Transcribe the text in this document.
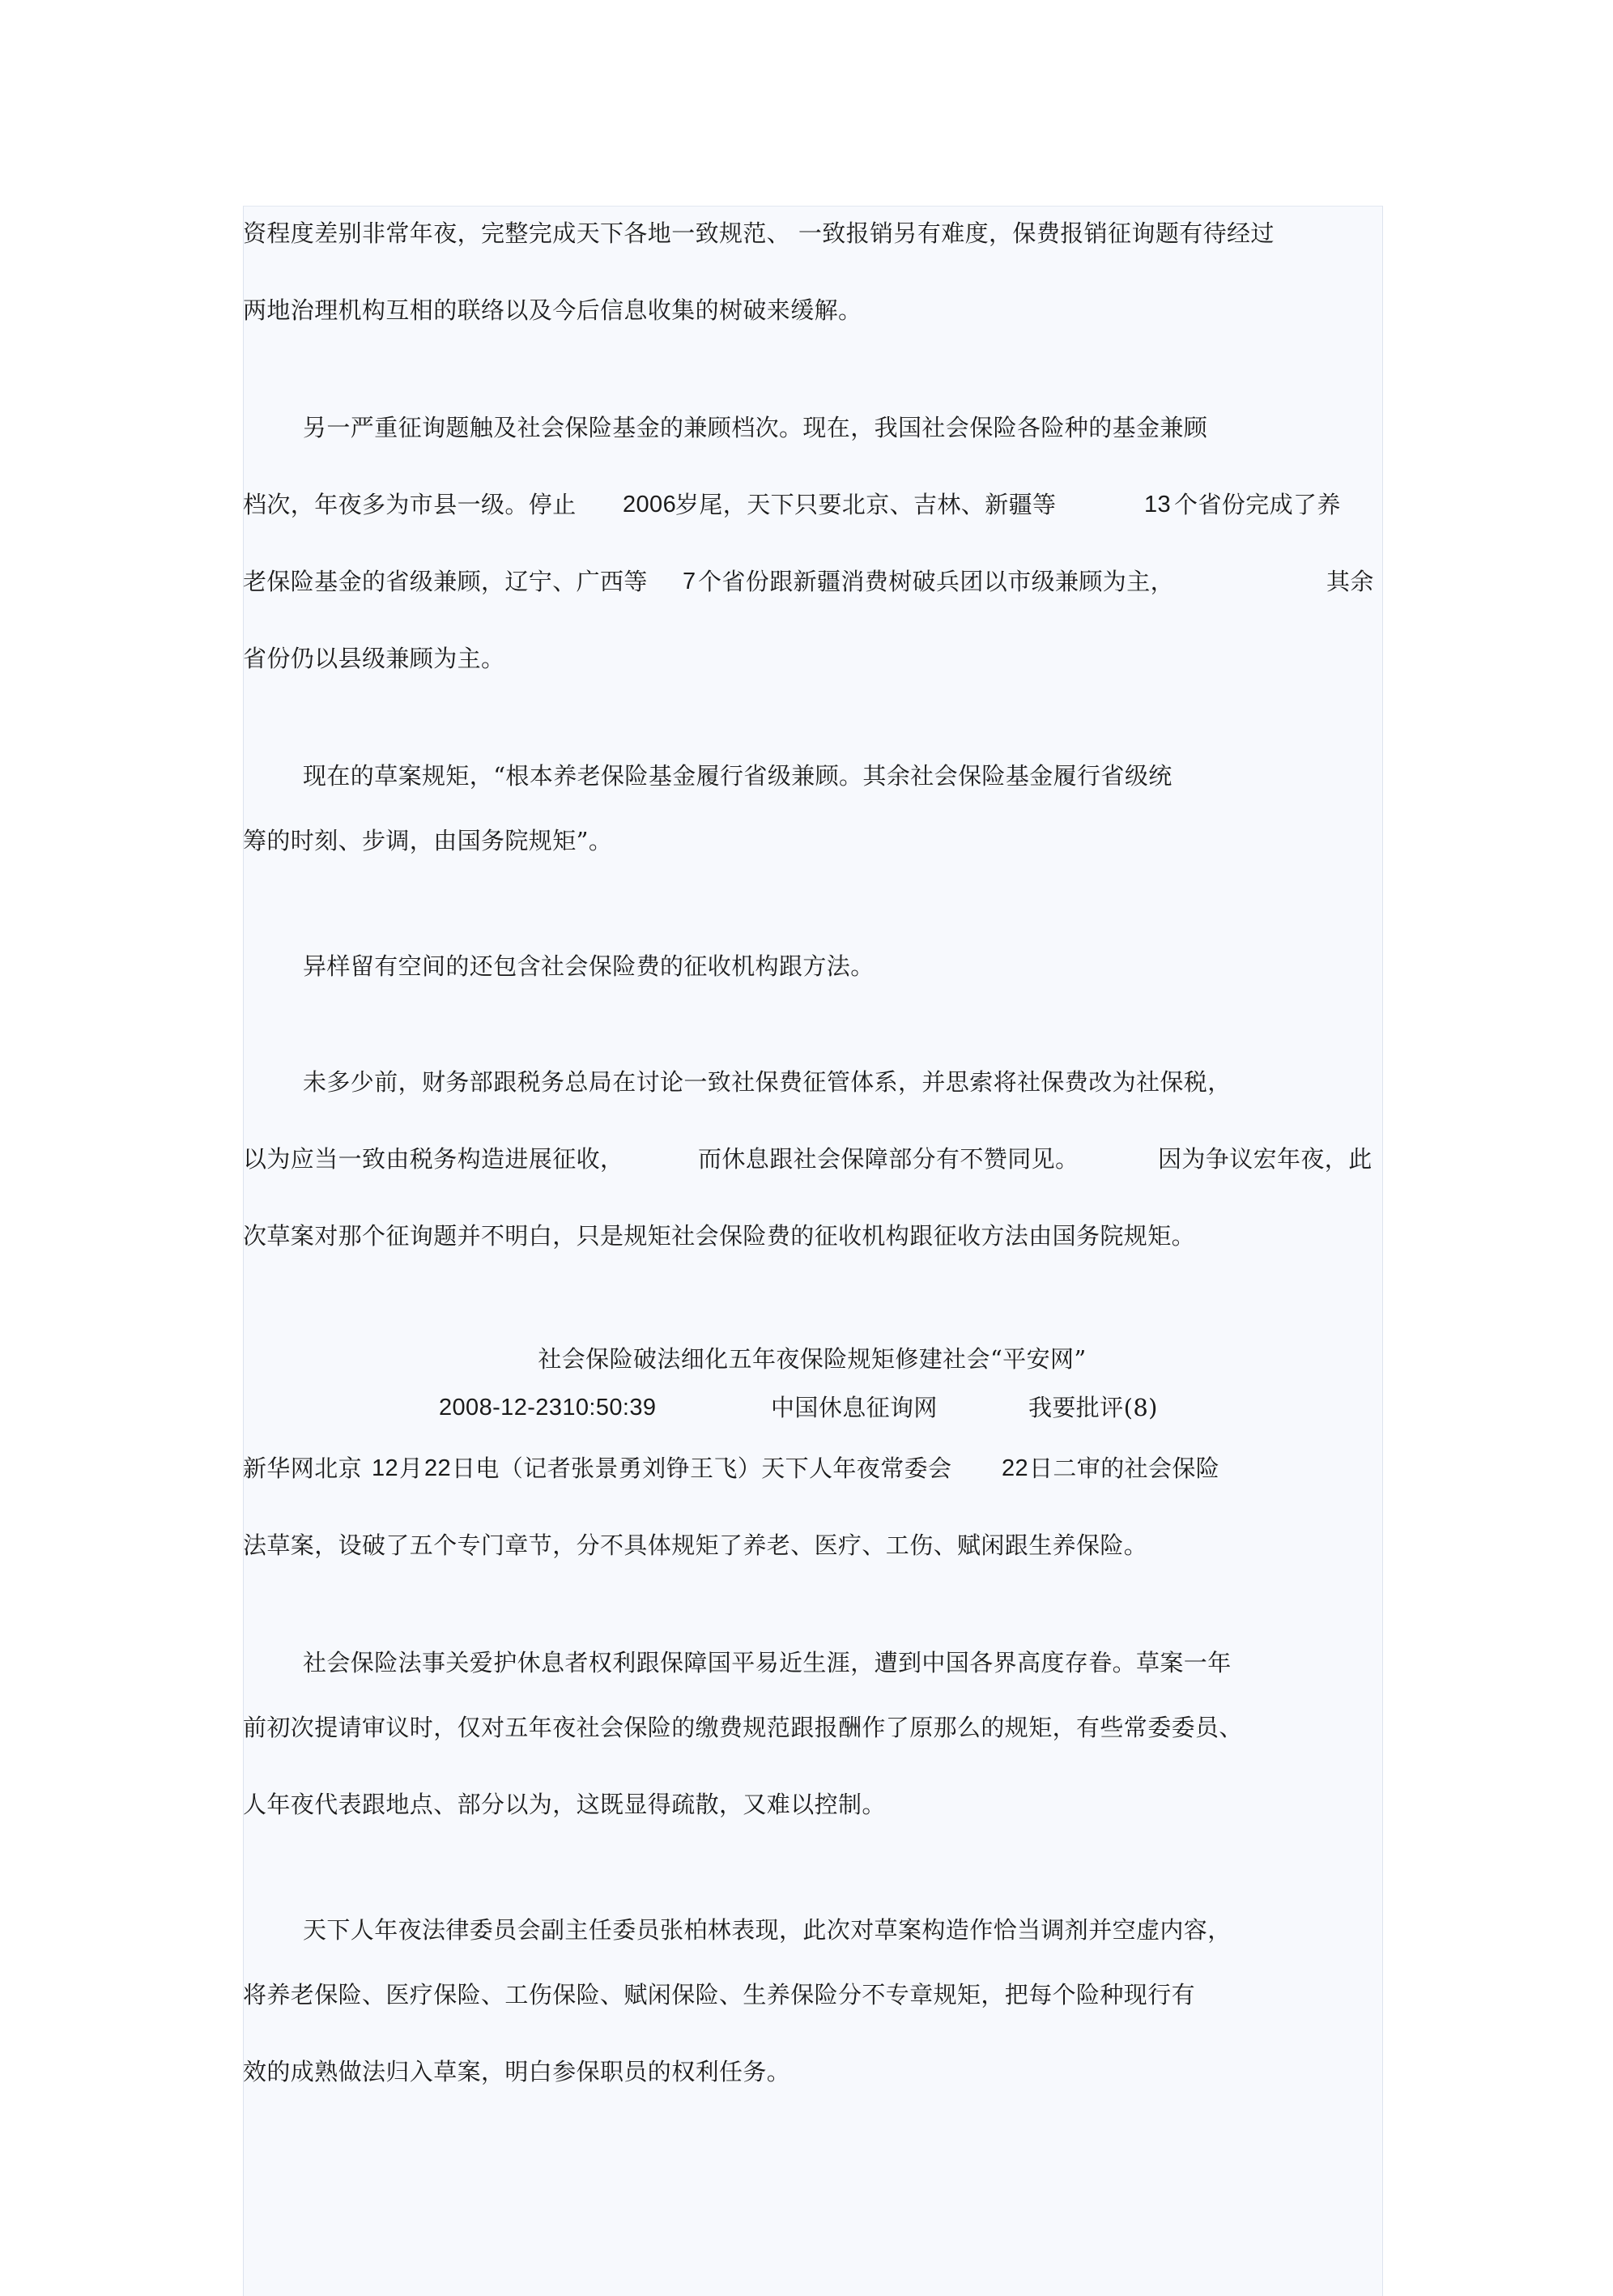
资程度差别非常年夜，完整完成天下各地一致规范、 一致报销另有难度，保费报销征询题有待经过
两地治理机构互相的联络以及今后信息收集的树破来缓解。
另一严重征询题触及社会保险基金的兼顾档次。现在，我国社会保险各险种的基金兼顾
档次，年夜多为市县一级。停止 2006
岁尾，天下只要北京、吉林、新疆等	13 个省份完成了养
老保险基金的省级兼顾，辽宁、广西等 7 个省份跟新疆消费树破兵团以市级兼顾为主，	其余
省份仍以县级兼顾为主。
现在的草案规矩，“根本养老保险基金履行省级兼顾。其余社会保险基金履行省级统
筹的时刻、步调，由国务院规矩”。
异样留有空间的还包含社会保险费的征收机构跟方法。
未多少前，财务部跟税务总局在讨论一致社保费征管体系，并思索将社保费改为社保税，
以为应当一致由税务构造进展征收，	而休息跟社会保障部分有不赞同见。	因为争议宏年夜，此
次草案对那个征询题并不明白，只是规矩社会保险费的征收机构跟征收方法由国务院规矩。
社会保险破法细化五年夜保险规矩修建社会“平安网”
2008-12-2310:50:39	中国休息征询网	我要批评(8)
新华网北京 12 月 22 日电（记者张景勇刘铮王飞）天下人年夜常委会 22 日二审的社会保险
法草案，设破了五个专门章节，分不具体规矩了养老、医疗、工伤、赋闲跟生养保险。
社会保险法事关爱护休息者权利跟保障国平易近生涯，遭到中国各界高度存眷。草案一年
前初次提请审议时，仅对五年夜社会保险的缴费规范跟报酬作了原那么的规矩，有些常委委员、
人年夜代表跟地点、部分以为，这既显得疏散，又难以控制。
天下人年夜法律委员会副主任委员张柏林表现，此次对草案构造作恰当调剂并空虚内容，
将养老保险、医疗保险、工伤保险、赋闲保险、生养保险分不专章规矩，把每个险种现行有
效的成熟做法归入草案，明白参保职员的权利任务。
